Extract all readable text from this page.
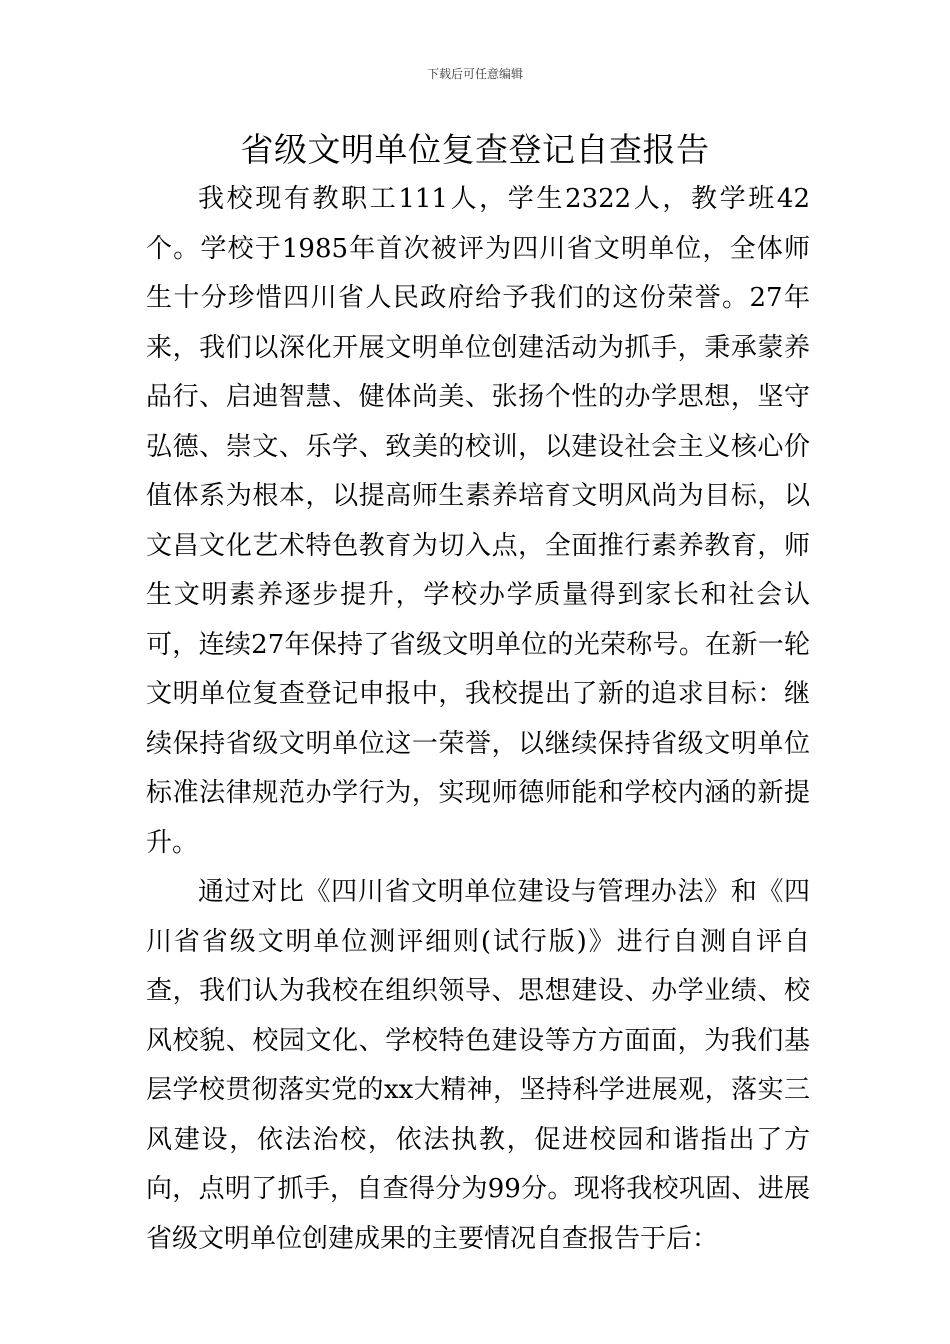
下载后可任意编辑
省级文明单位复查登记自查报告

我校现有教职工111人，学生2322人，教学班42个。学校于1985年首次被评为四川省文明单位，全体师生十分珍惜四川省人民政府给予我们的这份荣誉。27年来，我们以深化开展文明单位创建活动为抓手，秉承蒙养品行、启迪智慧、健体尚美、张扬个性的办学思想，坚守弘德、崇文、乐学、致美的校训，以建设社会主义核心价值体系为根本，以提高师生素养培育文明风尚为目标，以文昌文化艺术特色教育为切入点，全面推行素养教育，师生文明素养逐步提升，学校办学质量得到家长和社会认可，连续27年保持了省级文明单位的光荣称号。在新一轮文明单位复查登记申报中，我校提出了新的追求目标：继续保持省级文明单位这一荣誉，以继续保持省级文明单位标准法律规范办学行为，实现师德师能和学校内涵的新提升。

通过对比《四川省文明单位建设与管理办法》和《四川省省级文明单位测评细则(试行版)》进行自测自评自查，我们认为我校在组织领导、思想建设、办学业绩、校风校貌、校园文化、学校特色建设等方方面面，为我们基层学校贯彻落实党的xx大精神，坚持科学进展观，落实三风建设，依法治校，依法执教，促进校园和谐指出了方向，点明了抓手，自查得分为99分。现将我校巩固、进展省级文明单位创建成果的主要情况自查报告于后：
